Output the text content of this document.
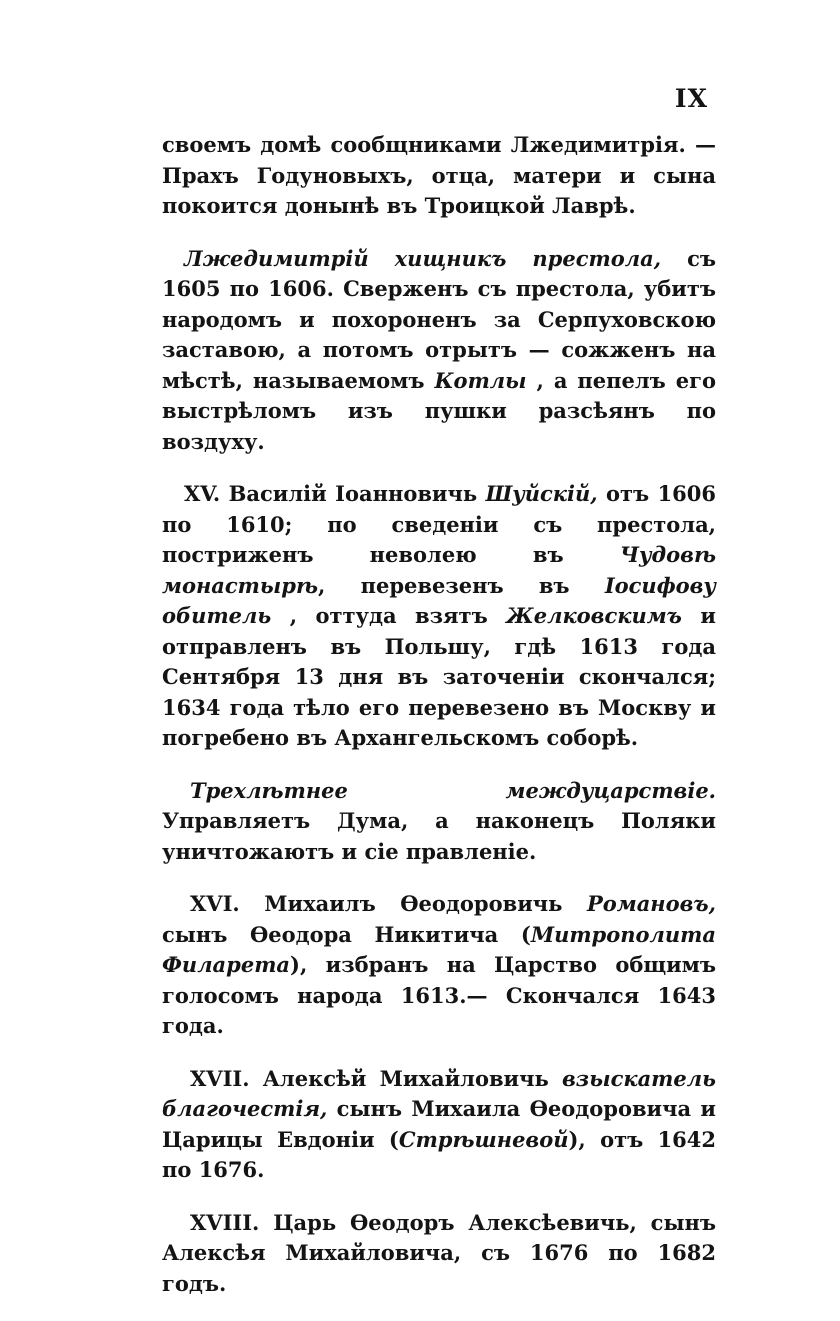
IX

своемъ домѣ сообщниками Лжедимитрія. — Прахъ Годуновыхъ, отца, матери и сына покоится донынѣ въ Троицкой Лаврѣ.

Лжедимитрій хищникъ престола, съ 1605 по 1606. Сверженъ съ престола, убитъ народомъ и похороненъ за Серпуховскою заставою, а потомъ отрытъ — сожженъ на мѣстѣ, называемомъ Котлы , а пепелъ его выстрѣломъ изъ пушки разсѣянъ по воздуху.

XV. Василій Іоанновичь Шуйскій, отъ 1606 по 1610; по сведеніи съ престола, постриженъ неволею въ Чудовѣ монастырѣ, перевезенъ въ Іосифову обитель , оттуда взятъ Желковскимъ и отправленъ въ Польшу, гдѣ 1613 года Сентября 13 дня въ заточеніи скончался; 1634 года тѣло его перевезено въ Москву и погребено въ Архангельскомъ соборѣ.

Трехлѣтнее междуцарствіе. Управляетъ Дума, а наконецъ Поляки уничтожаютъ и сіе правленіе.

XVI. Михаилъ Ѳеодоровичь Романовъ, сынъ Ѳеодора Никитича (Митрополита Филарета), избранъ на Царство общимъ голосомъ народа 1613.— Скончался 1643 года.

XVII. Алексѣй Михайловичь взыскатель благочестія, сынъ Михаила Ѳеодоровича и Царицы Евдоніи (Стрѣшневой), отъ 1642 по 1676.

XVIII. Царь Ѳеодоръ Алексѣевичь, сынъ Алексѣя Михайловича, съ 1676 по 1682 годъ.
